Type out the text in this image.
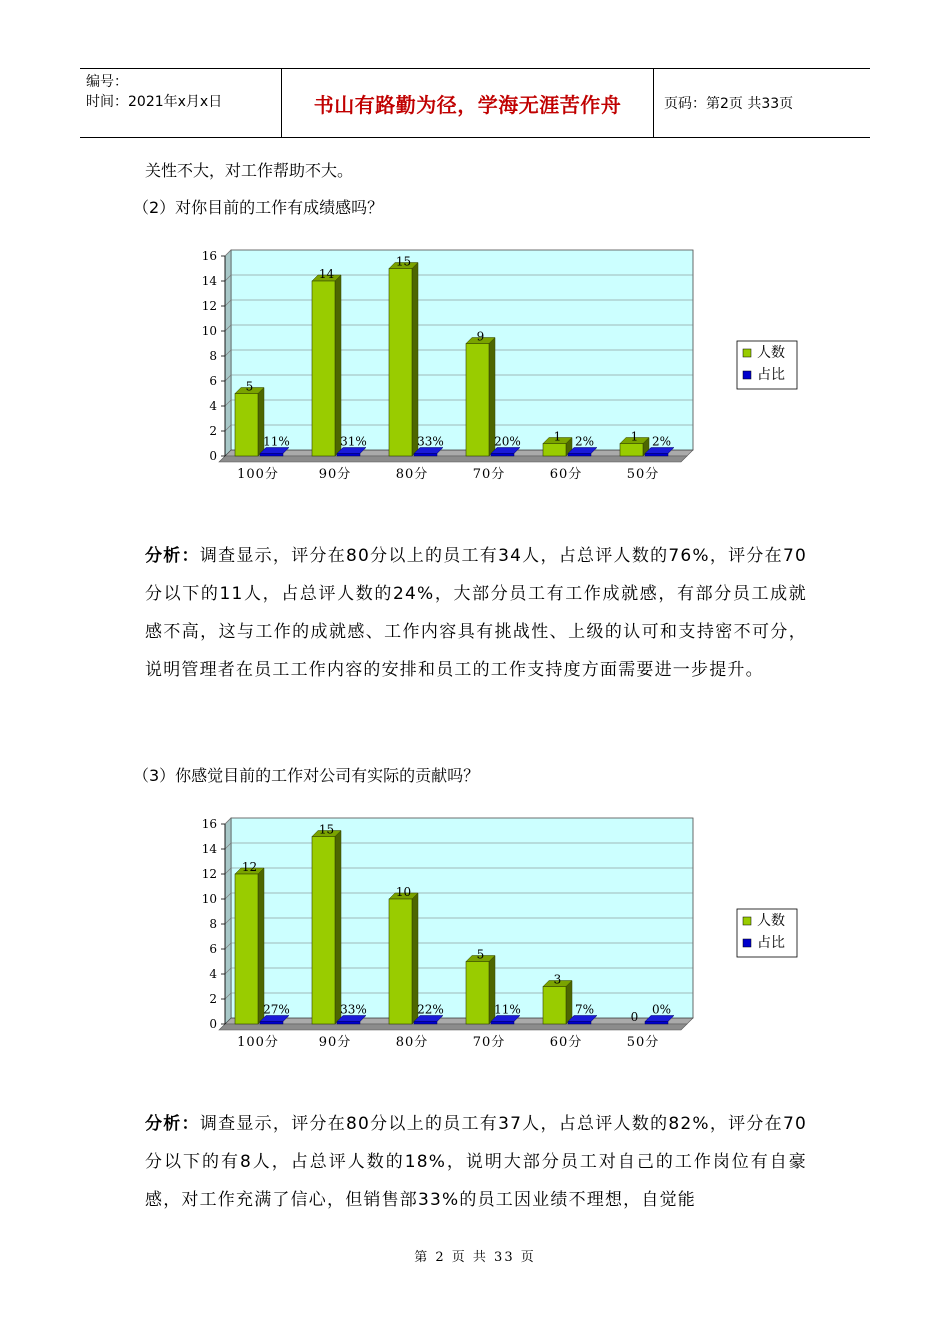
编号：
时间：2021年x月x日	书山有路勤为径，学海无涯苦作舟	页码：第2页 共33页
关性不大，对工作帮助不大。
（2）对你目前的工作有成绩感吗？
0
2
4
6
8
10
12
14
16
5
11%
100分
14
31%
90分
15
33%
80分
9
20%
70分
1 2%
60分
1 2%
50分
人数
占比
分析：调查显示，评分在80分以上的员工有34人，占总评人数的76%，评分在70分以下的11人，占总评人数的24%，大部分员工有工作成就感，有部分员工成就感不高，这与工作的成就感、工作内容具有挑战性、上级的认可和支持密不可分，说明管理者在员工工作内容的安排和员工的工作支持度方面需要进一步提升。
（3）你感觉目前的工作对公司有实际的贡献吗？
0
2
4
6
8
10
12
14
16
12
27%
100分
15
33%
90分
10
22%
80分
5
11%
70分
3
7%
60分
0
0%
50分
人数
占比
分析：调查显示，评分在80分以上的员工有37人，占总评人数的82%，评分在70分以下的有8人，占总评人数的18%，说明大部分员工对自己的工作岗位有自豪感，对工作充满了信心，但销售部33%的员工因业绩不理想，自觉能
第 2 页 共 33 页
